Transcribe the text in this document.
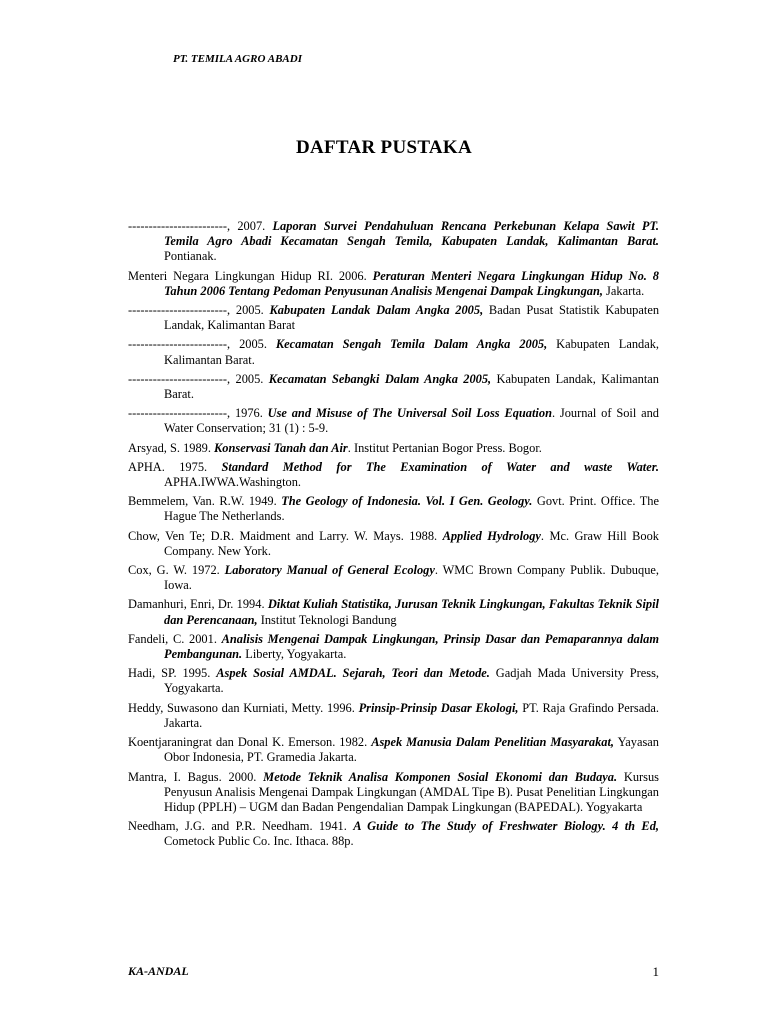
PT. TEMILA AGRO ABADI
DAFTAR PUSTAKA
------------------------, 2007. Laporan Survei Pendahuluan Rencana Perkebunan Kelapa Sawit PT. Temila Agro Abadi Kecamatan Sengah Temila, Kabupaten Landak, Kalimantan Barat. Pontianak.
Menteri Negara Lingkungan Hidup RI. 2006. Peraturan Menteri Negara Lingkungan Hidup No. 8 Tahun 2006 Tentang Pedoman Penyusunan Analisis Mengenai Dampak Lingkungan, Jakarta.
------------------------, 2005. Kabupaten Landak Dalam Angka 2005, Badan Pusat Statistik Kabupaten Landak, Kalimantan Barat
------------------------, 2005. Kecamatan Sengah Temila Dalam Angka 2005, Kabupaten Landak, Kalimantan Barat.
------------------------, 2005. Kecamatan Sebangki Dalam Angka 2005, Kabupaten Landak, Kalimantan Barat.
------------------------, 1976. Use and Misuse of The Universal Soil Loss Equation. Journal of Soil and Water Conservation; 31 (1) : 5-9.
Arsyad, S. 1989. Konservasi Tanah dan Air. Institut Pertanian Bogor Press. Bogor.
APHA. 1975. Standard Method for The Examination of Water and waste Water. APHA.IWWA.Washington.
Bemmelem, Van. R.W. 1949. The Geology of Indonesia. Vol. I Gen. Geology. Govt. Print. Office. The Hague The Netherlands.
Chow, Ven Te; D.R. Maidment and Larry. W. Mays. 1988. Applied Hydrology. Mc. Graw Hill Book Company. New York.
Cox, G. W. 1972. Laboratory Manual of General Ecology. WMC Brown Company Publik. Dubuque, Iowa.
Damanhuri, Enri, Dr. 1994. Diktat Kuliah Statistika, Jurusan Teknik Lingkungan, Fakultas Teknik Sipil dan Perencanaan, Institut Teknologi Bandung
Fandeli, C. 2001. Analisis Mengenai Dampak Lingkungan, Prinsip Dasar dan Pemaparannya dalam Pembangunan. Liberty, Yogyakarta.
Hadi, SP. 1995. Aspek Sosial AMDAL. Sejarah, Teori dan Metode. Gadjah Mada University Press, Yogyakarta.
Heddy, Suwasono dan Kurniati, Metty. 1996. Prinsip-Prinsip Dasar Ekologi, PT. Raja Grafindo Persada. Jakarta.
Koentjaraningrat dan Donal K. Emerson. 1982. Aspek Manusia Dalam Penelitian Masyarakat, Yayasan Obor Indonesia, PT. Gramedia Jakarta.
Mantra, I. Bagus. 2000. Metode Teknik Analisa Komponen Sosial Ekonomi dan Budaya. Kursus Penyusun Analisis Mengenai Dampak Lingkungan (AMDAL Tipe B). Pusat Penelitian Lingkungan Hidup (PPLH) – UGM dan Badan Pengendalian Dampak Lingkungan (BAPEDAL). Yogyakarta
Needham, J.G. and P.R. Needham. 1941. A Guide to The Study of Freshwater Biology. 4 th Ed, Cometock Public Co. Inc. Ithaca. 88p.
KA-ANDAL	1
